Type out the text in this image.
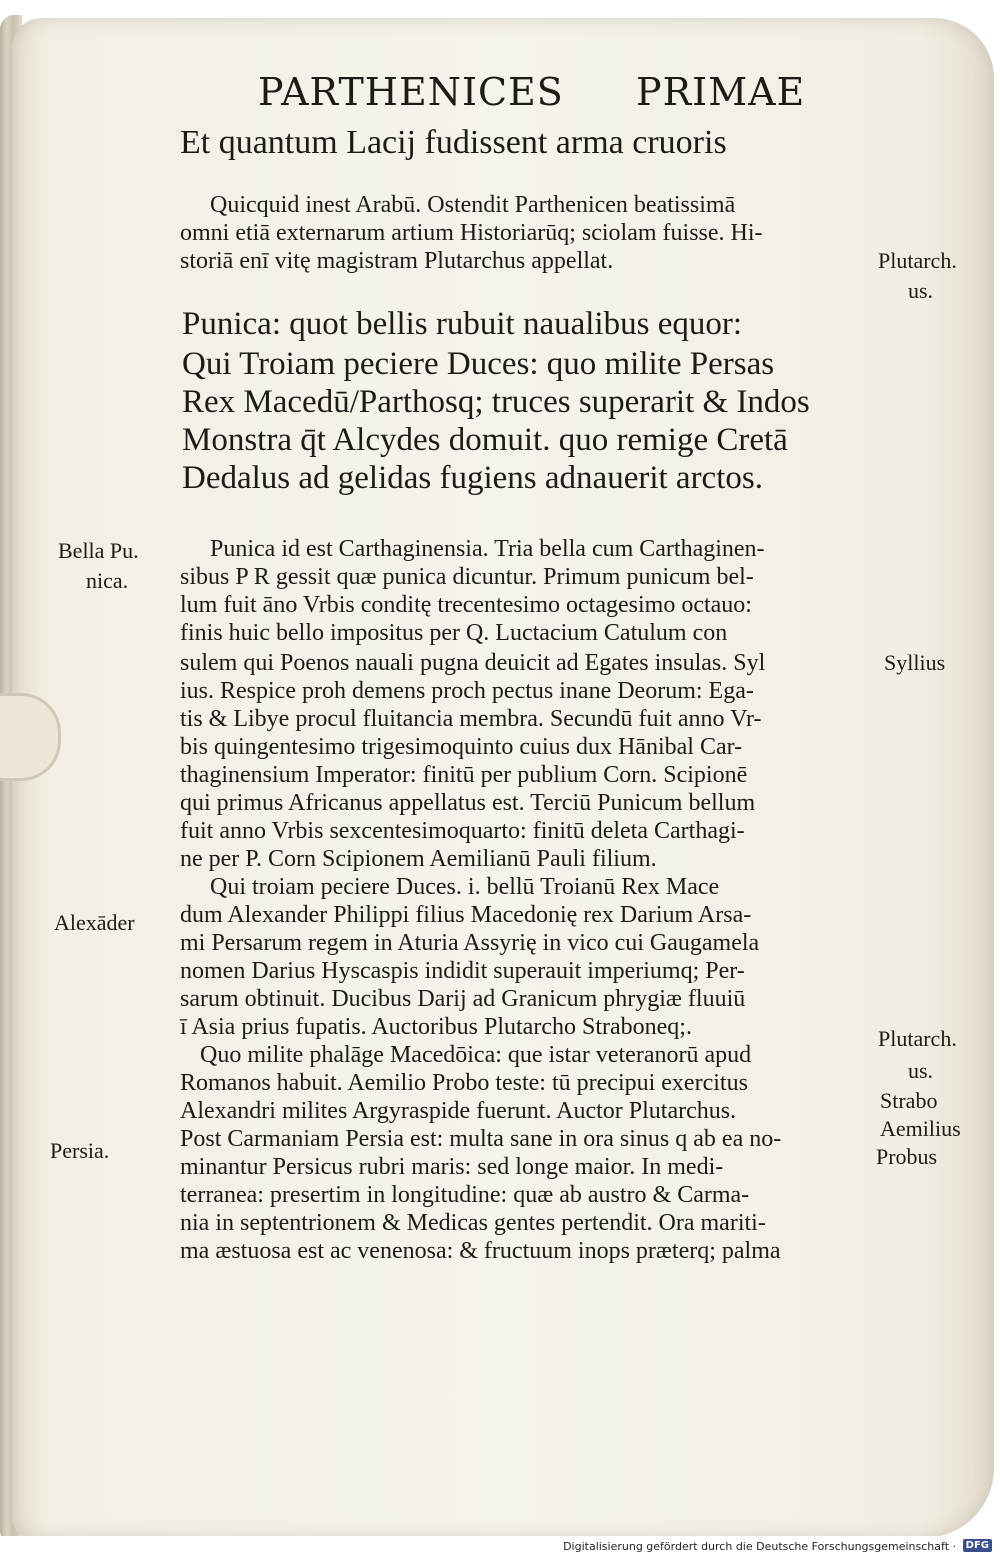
PARTHENICES PRIMAE
Et quantum Lacij fudissent arma cruoris
Quicquid inest Arabū. Ostendit Parthenicen beatissimā
omni etiā externarum artium Historiarūq; sciolam fuisse. Hi-
storiā enī vitę magistram Plutarchus appellat.
Punica: quot bellis rubuit naualibus equor:
Qui Troiam peciere Duces: quo milite Persas
Rex Macedū/Parthosq; truces superarit & Indos
Monstra q̄t Alcydes domuit. quo remige Cretā
Dedalus ad gelidas fugiens adnauerit arctos.
Punica id est Carthaginensia. Tria bella cum Carthaginen-
sibus P R gessit quæ punica dicuntur. Primum punicum bel-
lum fuit āno Vrbis conditę trecentesimo octagesimo octauo:
finis huic bello impositus per Q. Luctacium Catulum con
sulem qui Poenos nauali pugna deuicit ad Egates insulas. Syl
ius. Respice proh demens proch pectus inane Deorum: Ega-
tis & Libye procul fluitancia membra. Secundū fuit anno Vr-
bis quingentesimo trigesimoquinto cuius dux Hānibal Car-
thaginensium Imperator: finitū per publium Corn. Scipionē
qui primus Africanus appellatus est. Terciū Punicum bellum
fuit anno Vrbis sexcentesimoquarto: finitū deleta Carthagi-
ne per P. Corn Scipionem Aemilianū Pauli filium.
Qui troiam peciere Duces. i. bellū Troianū Rex Mace
dum Alexander Philippi filius Macedonię rex Darium Arsa-
mi Persarum regem in Aturia Assyrię in vico cui Gaugamela
nomen Darius Hyscaspis indidit superauit imperiumq; Per-
sarum obtinuit. Ducibus Darij ad Granicum phrygiæ fluuiū
ī Asia prius fupatis. Auctoribus Plutarcho Straboneq;.
Quo milite phalāge Macedōica: que istar veteranorū apud
Romanos habuit. Aemilio Probo teste: tū precipui exercitus
Alexandri milites Argyraspide fuerunt. Auctor Plutarchus.
Post Carmaniam Persia est: multa sane in ora sinus q ab ea no-
minantur Persicus rubri maris: sed longe maior. In medi-
terranea: presertim in longitudine: quæ ab austro & Carma-
nia in septentrionem & Medicas gentes pertendit. Ora mariti-
ma æstuosa est ac venenosa: & fructuum inops præterq; palma
Bella Pu.
nica.
Alexāder
Persia.
Plutarch.
us.
Syllius
Plutarch.
us.
Strabo
Aemilius
Probus
Digitalisierung gefördert durch die Deutsche Forschungsgemeinschaft · DFG
